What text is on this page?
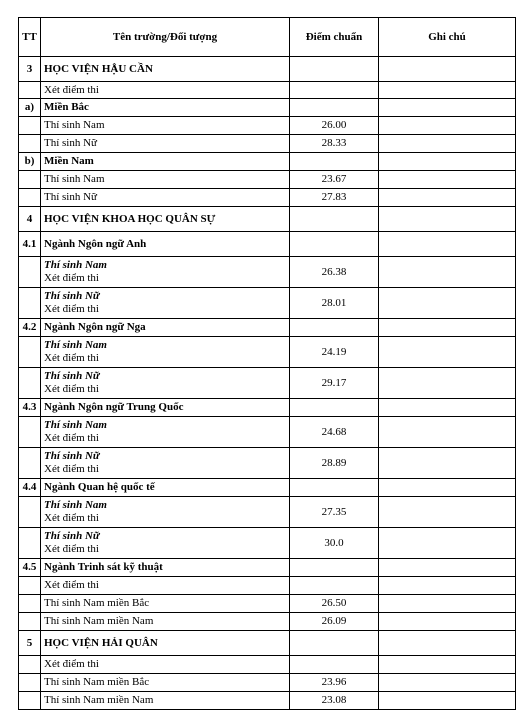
TT	Tên trường/Đối tượng	Điểm chuẩn	Ghi chú
3	HỌC VIỆN HẬU CẦN		
	Xét điểm thi		
a)	Miền Bắc		
	Thí sinh Nam	26.00	
	Thí sinh Nữ	28.33	
b)	Miền Nam		
	Thí sinh Nam	23.67	
	Thí sinh Nữ	27.83	
4	HỌC VIỆN KHOA HỌC QUÂN SỰ		
4.1	Ngành Ngôn ngữ Anh		

	Thí sinh Nam
Xét điểm thi	26.38	

	Thí sinh Nữ
Xét điểm thi	28.01	
4.2	Ngành Ngôn ngữ Nga		

	Thí sinh Nam
Xét điểm thi	24.19	

	Thí sinh Nữ
Xét điểm thi	29.17	
4.3	Ngành Ngôn ngữ Trung Quốc		

	Thí sinh Nam
Xét điểm thi	24.68	

	Thí sinh Nữ
Xét điểm thi	28.89	
4.4	Ngành Quan hệ quốc tế		

	Thí sinh Nam
Xét điểm thi	27.35	

	Thí sinh Nữ
Xét điểm thi	30.0	
4.5	Ngành Trinh sát kỹ thuật		
	Xét điểm thi		
	Thí sinh Nam miền Bắc	26.50	
	Thí sinh Nam miền Nam	26.09	
5	HỌC VIỆN HẢI QUÂN		
	Xét điểm thi		
	Thí sinh Nam miền Bắc	23.96	
	Thí sinh Nam miền Nam	23.08	
